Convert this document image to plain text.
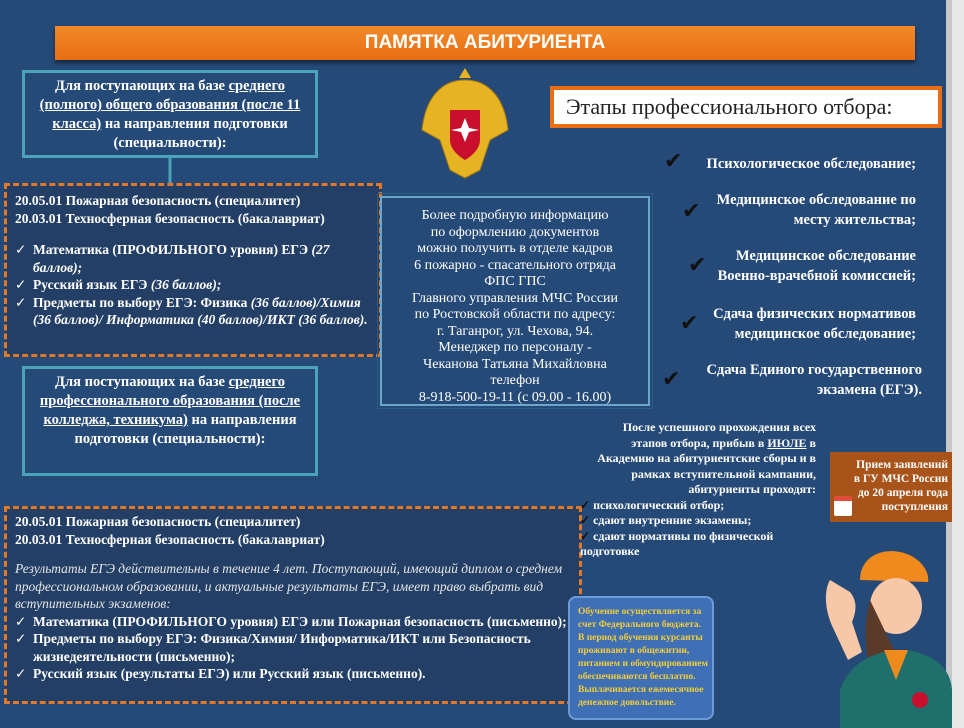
ПАМЯТКА АБИТУРИЕНТА
Для поступающих на базе среднего (полного) общего образования (после 11 класса) на направления подготовки (специальности):
20.05.01 Пожарная безопасность (специалитет)
20.03.01 Техносферная безопасность (бакалавриат)
✓ Математика (ПРОФИЛЬНОГО уровня) ЕГЭ (27 баллов);
✓ Русский язык ЕГЭ (36 баллов);
✓ Предметы по выбору ЕГЭ: Физика (36 баллов)/Химия (36 баллов)/ Информатика (40 баллов)/ИКТ (36 баллов).
Для поступающих на базе среднего профессионального образования (после колледжа, техникума) на направления подготовки (специальности):
20.05.01 Пожарная безопасность (специалитет)
20.03.01 Техносферная безопасность (бакалавриат)
Результаты ЕГЭ действительны в течение 4 лет. Поступающий, имеющий диплом о среднем профессиональном образовании, и актуальные результаты ЕГЭ, имеет право выбрать вид вступительных экзаменов:
✓ Математика (ПРОФИЛЬНОГО уровня) ЕГЭ или Пожарная безопасность (письменно);
✓ Предметы по выбору ЕГЭ: Физика/Химия/ Информатика/ИКТ или Безопасность жизнедеятельности (письменно);
✓ Русский язык (результаты ЕГЭ) или Русский язык (письменно).
Более подробную информацию
по оформлению документов
можно получить в отделе кадров
6 пожарно - спасательного отряда
ФПС ГПС
Главного управления МЧС России
по Ростовской области по адресу:
г. Таганрог, ул. Чехова, 94.
Менеджер по персоналу -
Чеканова Татьяна Михайловна
телефон
8-918-500-19-11 (с 09.00 - 16.00)
Этапы профессионального отбора:
✔ Психологическое обследование;
✔ Медицинское обследование по
месту жительства;
✔	Медицинское обследование
Военно-врачебной комиссией;
✔ Сдача физических нормативов
медицинское обследование;
✔ Сдача Единого государственного
экзамена (ЕГЭ).
После успешного прохождения всех этапов отбора, прибыв в ИЮЛЕ в Академию на абитуриентские сборы и в рамках вступительной кампании, абитуриенты проходят:
✓ психологический отбор;
✓ сдают внутренние экзамены;
✓ сдают нормативы по физической подготовке
Прием заявлений в ГУ МЧС России до 20 апреля года поступления
Обучение осуществляется за счет Федерального бюджета. В период обучения курсанты проживают в общежитии, питанием и обмундированием обеспечиваются бесплатно. Выплачивается ежемесячное денежное довольствие.
